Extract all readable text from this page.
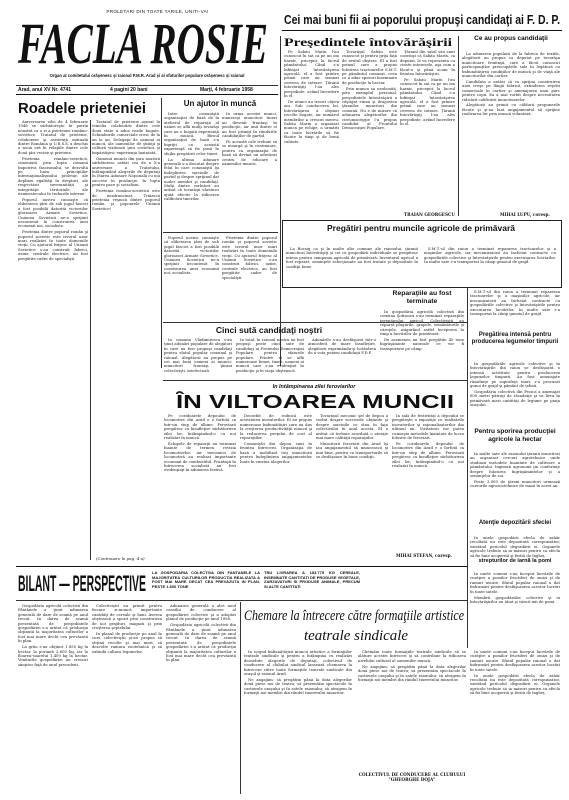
PROLETARI DIN TOATE TARILE, UNITI-VA!
FACLA ROSIE
Organ al comitetului orăşenesc şi raional P.M.R. Arad şi al sfaturilor populare orăşenesc şi raional
Arad, anul XV Nr. 4741	4 pagini 20 bani	Marţi, 4 februarie 1958
Cei mai buni fii ai poporului propuşi candidaţi ai F. D. P.
Roadele prieteniei

Aniversarea zilei de 4 februarie 1948 se sărbătoreşte în patria noastră ca o zi a prieteniei româno-sovietice. Tratatul de prietenie, colaborare şi asistenţă mutuală dintre România şi U.R.S.S. a deschis o nouă eră în relaţiile dintre cele două ţări vecine şi prietene.

Prietenia româno-sovietică, cimentată prin lupta comună împotriva fascismului, se dezvoltă pe baza principiilor internaţionalismului proletar, ale deplinei egalităţi în drepturi, ale respectării suveranităţii şi integrităţii teritoriale, ale neamestecului în treburile interne.

Poporul nostru cunoaşte că eliberarea ţării de sub jugul fascist a fost posibilă datorită victoriilor glorioasei Armate Sovietice. Uniunea Sovietică ne-a sprijinit necontenit în construirea unei economii noi, socialiste.

Prietenia dintre poporul român şi poporul sovietic este izvorul unor mari realizări în toate domeniile vieţii. Cu ajutorul frăţesc al Uniunii Sovietice s-au construit fabrici, uzine, centrale electrice, au fost pregătite cadre de specialişti.

Tratatul de prietenie aşezat la temelia colaborării dintre cele două state a adus roade bogate. Schimburile comerciale cresc de la an la an. Delegaţii de oameni ai muncii, ale oamenilor de ştiinţă şi cultură vizitează ţara sovietică şi împărtăşesc experienţa înaintată.

Oamenii muncii din ţara noastră sărbătoresc astăzi cea de a X-a aniversare a Tratatului, întâmpinând alegerile de deputaţi în Marea Adunare Naţională cu noi succese în producţie, în lupta pentru pace şi socialism.

Prietenia româno-sovietică este de nezdruncinat. Trăiască prietenia veşnică dintre poporul român şi popoarele Uniunii Sovietice!

(Continuare în pag. 4-a)
Un ajutor în muncă

Intre comuniştii organizaţiei de bază de la atelierul de reparaţii al uzinei se află mulţi tovarăşi care au o bogată experienţă în muncă. Biroul organizaţiei de bază s-a îngrijit ca această experienţă să fie pusă în slujba pregătirii celor tineri.

La ultima adunare generală s-a discutat despre felul în care comuniştii îşi îndeplinesc sarcinile de partid şi despre sprijinul dat noilor membri şi candidaţi. Mulţi dintre vorbitori au arătat că tovarăşii vârstnici ajută efectiv la ridicarea calificării tinerilor.

In urma acestei munci, numeroşi muncitori tineri au devenit fruntaşi în producţie, iar unii dintre ei au fost primiţi în rândurile candidaţilor de partid.

Pe această cale trebuie să se meargă şi în continuare, pentru ca organizaţia de bază să devină un adevărat centru de educare a oamenilor muncii.

Poporul nostru cunoaşte că eliberarea ţării de sub jugul fascist a fost posibilă datorită victoriilor glorioasei Armate Sovietice. Uniunea Sovietică ne-a sprijinit necontenit în construirea unei economii noi, socialiste.

Prietenia dintre poporul român şi poporul sovietic este izvorul unor mari realizări în toate domeniile vieţii. Cu ajutorul frăţesc al Uniunii Sovietice s-au construit fabrici, uzine, centrale electrice, au fost pregătite cadre de specialişti.

Preşedintele întovărăşirii

Pe Sabău Marin l-au cunoscut în sat ca pe un om harnic, priceput la lucrul pământului. Când s-a înfiinţat întovărăşirea agricolă, el a fost printre primii care au semnat cererea de intrare. Ţăranii întovărăşiţi l-au ales preşedinte, având încredere în el.

De atunci au trecut câţiva ani. Sub conducerea lui, întovărăşirea a obţinut recolte bogate, iar numărul membrilor a crescut mereu. Sabău Marin a organizat munca pe echipe, a urmărit ca toate lucrările să fie făcute la timp şi de bună calitate.

Tovarăşul Sabău este cunoscut şi pentru grija faţă de avutul obştesc. El a fost primul care a propus folosirea tractoarelor S.M.T. pe pământul comasat, ceea ce a adus sporuri însemnate de producţie la hectar.

Prin munca sa neobosită, prin exemplul personal, preşedintele întovărăşirii a câştigat stima şi dragostea ţăranilor muncitori din comună. Nu e de mirare că adunarea alegătorilor din circumscripţie l-a propus candidat al Frontului Democraţiei Populare.

Ţăranii din satul său sunt convinşi că Sabău Marin, ca deputat, le va reprezenta cu cinste interesele, aşa cum a făcut-o şi până acum în fruntea întovărăşirii.

Pe Sabău Marin l-au cunoscut în sat ca pe un om harnic, priceput la lucrul pământului. Când s-a înfiinţat întovărăşirea agricolă, el a fost printre primii care au semnat cererea de intrare. Ţăranii întovărăşiţi l-au ales preşedinte, având încredere în el.

TRAIAN GEORGESCU
Ce au propus candidaţii

La adunarea populară de la fabrica de textile, alegătorii au propus ca deputat pe tovarăşa muncitoare fruntaşă, care a făcut cunoscut participanţilor preocupările sale în legătură cu îmbunătăţirea condiţiilor de muncă şi de viaţă ale muncitorilor din cartier.

Candidata a arătat că va sprijini construirea unei creşe pe lângă fabrică, extinderea reţelei comerciale în cartier şi amenajarea unui parc pentru copii. Ea a mai vorbit despre necesitatea ridicării calificării muncitoarelor.

Alegătorii au primit cu căldură propunerile făcute şi şi-au luat angajamentul să sprijine realizarea lor prin muncă voluntară.

MIHAI LUPU, coresp.
Pregătiri pentru muncile agricole de primăvară

La Bocsig ca şi în multe alte comune ale raionului, ţăranii muncitori întovărăşiţi şi cei cu gospodării individuale se pregătesc intens pentru campania agricolă de primăvară. Inventarul agricol a fost reparat, seminţele selecţionate au fost tratate şi depozitate în condiţii bune.

S.M.T.-ul din raion a terminat repararea tractoarelor şi a maşinilor agricole, iar mecanizatorii au încheiat contracte cu gospodăriile colective şi întovărăşirile pentru executarea lucrărilor. In multe sate s-a transportat la câmp gunoiul de grajd.

Reparaţiile au fost terminate

In gospodăria agricolă colectivă din comuna Şofronea s-au terminat reparaţiile inventarului agricol. Colectiviştii au reparat plugurile, grapele, semănătorile şi căruţele, asigurând astfel începerea la timp a lucrărilor de primăvară.

De asemenea au fost pregătite 45 tone îngrăşăminte naturale ce vor fi transportate pe câmp.

S.M.T.-ul din raion a terminat repararea tractoarelor şi a maşinilor agricole, iar mecanizatorii au încheiat contracte cu gospodăriile colective şi întovărăşirile pentru executarea lucrărilor. In multe sate s-a transportat la câmp gunoiul de grajd.

Pregătirea intensă pentru producerea legumelor timpurii

In gospodăriile agricole colective şi în întovărăşirile din raion se desfăşoară o intensă activitate pentru producerea legumelor timpurii. Au fost amenajate răsadniţe pe suprafeţe mari, s-a procurat gunoi de grajd şi pământ de ţelină.

Gospodăria colectivă din Pecica a amenajat 600 metri pătraţi de răsadniţe şi va livra în primăvară mari cantităţi de legume pe piaţa oraşului.

Pentru sporirea producţiei agricole la hectar

In multe sate ale raionului ţăranii muncitori au organizat cercuri agrotehnice unde studiază metodele înaintate de cultivare a pământului. Inginerii agronomi ţin conferinţe despre folosirea îngrăşămintelor şi a seminţelor de soi.

Peste 3.000 de ţărani muncitori urmează cursurile agrozootehnice de masă în acest an.

Atenţie depozitării sfeclei

In unele gospodării sfecla de zahăr recoltată nu este depozitată corespunzător, existând pericolul degradării ei. Organele agricole trebuie să ia măsuri pentru ca sfecla să fie bine acoperită şi ferită de îngheţ.

strepturilor de iarnă la pomi

In unele comuni s-au început lucrările de curăţire a pomilor fructiferi de omizi şi de ramuri uscate. Sfatul popular raional a dat îndrumări pentru desfăşurarea acestor lucrări în toate satele.

Membrii gospodăriilor colective şi ai întovărăşirilor au tăiat şi văruit mii de pomi.

Cinci sută candidaţi noştri

In comuna Vladimirescu s-au ţinut adunări populare de alegători în care au fost propuşi candidaţi pentru sfatul popular comunal şi raional. Alegătorii au propus pe cei mai buni oameni ai muncii: muncitori fruntaşi, ţărani colectivişti, intelectuali.

In total, în raionul nostru au fost propuşi peste cinci sute de candidaţi ai Frontului Democraţiei Populare pentru sfaturile populare. Printre ei se află numeroase femei, tineri, oameni ai muncii care s-au evidenţiat în producţie şi în viaţa obştească.

Adunările s-au desfăşurat într-o atmosferă de mare însufleţire, alegătorii exprimându-şi hotărârea de a vota pentru candidaţii F.D.P.

In întâmpinarea zilei feroviarilor
ÎN VILTOAREA MUNCII

Pe coridoarele depoului de locomotive din Arad e o forfotă ca într-un stup de albine. Feroviarii pregătesc cu însufleţire sărbătorirea zilei lor, întâmpinând-o cu noi realizări în muncă.

Echipele de reparaţii au terminat înainte de termen revizia locomotivelor, iar mecanicii de locomotivă au realizat importante economii de combustibil. Fruntaşii în întrecerea socialistă au fost evidenţiaţi în adunarea festivă.

Deosebit de rodnică este activitatea inovatorilor. Ei au propus numeroase îmbunătăţiri care au dus la creşterea productivităţii muncii şi la reducerea preţului de cost al reparaţiilor.

Comuniştii din depou sunt în fruntea întrecerii. Organizaţia de bază a mobilizat toţi muncitorii pentru îndeplinirea angajamentelor luate în cinstea alegerilor.

Tovarăşul mecanic şef de depou a vorbit despre succesele obţinute şi despre sarcinile ce stau în faţa colectivului în anul acesta. El a arătat că trebuie acordată o atenţie mai mare calităţii reparaţiilor.

Muncitorii feroviari din Arad îşi iau angajamentul să muncească şi mai bine, pentru ca transporturile să se desfăşoare în bune condiţii.

In sala de festivităţi a depoului se pregăteşte o expoziţie cu realizările inovatorilor şi raţionalizatorilor din ultimul an. Vizitatorii vor putea cunoaşte metodele înaintate de lucru folosite de feroviari.

Pe coridoarele depoului de locomotive din Arad e o forfotă ca într-un stup de albine. Feroviarii pregătesc cu însufleţire sărbătorirea zilei lor, întâmpinând-o cu noi realizări în muncă.

MIHAI STEFAN, coresp.
BILANT — PERSPECTIVE LA GOSPODARIA COLECTIVA DIN FANTANELE LA MAJORITATEA CULTURILOR PRODUCTIA REALIZATA A FOST MAI MARE DECAT CEA PREVAZUTA IN PLAN. PESTE 1.600 TONE
TRU LIVRAREA A 153.775 KG CEREALE, INSEMNATE CANTITATI DE PRODUSE VEGETALE, ZARZAVATURI SI PRODUSE ANIMALE, PRECUM SI ALTE CANTITATI

Gospodăria agricolă colectivă din Fântânele a ţinut adunarea generală de dare de seamă pe anul trecut. In darea de seamă prezentată de preşedintele gospodăriei s-a arătat că producţia obţinută la majoritatea culturilor a fost mai mare decât cea prevăzută în plan.

La grâu s-au obţinut 1.850 kg la hectar, la porumb 2.600 kg, iar la floarea-soarelui 1.400 kg la hectar. Veniturile gospodăriei au crescut simţitor faţă de anul precedent.

Colectiviştii au primit pentru fiecare zi-muncă importante cantităţi de cereale şi bani. Averea obştească a sporit prin construirea de noi grajduri, magazii şi prin creşterea şeptelului.

In planul de producţie pe anul în curs colectiviştii şi-au propus să obţină recolte şi mai mari, să dezvolte ramura zootehnică şi să extindă cultura legumelor.

Adunarea generală a ales noul consiliu de conducere al gospodăriei colective şi a adoptat planul de producţie pe anul 1958.

Gospodăria agricolă colectivă din Fântânele a ţinut adunarea generală de dare de seamă pe anul trecut. In darea de seamă prezentată de preşedintele gospodăriei s-a arătat că producţia obţinută la majoritatea culturilor a fost mai mare decât cea prevăzută în plan.

Chemare la întrecere către formaţiile artistice
teatrale sindicale

In scopul îmbunătăţirii muncii artistice a formaţiilor teatrale sindicale şi pentru a întâmpina cu realizări deosebite alegerile de deputaţi, colectivul de conducere al clubului sindical lansează chemarea la întrecere către toate formaţiile teatrale sindicale din oraşul şi raionul Arad.

Ne angajăm: să pregătim până la data alegerilor două piese noi de teatru; să prezentăm spectacole în cartierele oraşului şi în satele raionului; să atragem în formaţii noi membri din rândul tineretului muncitor.

Chemăm toate formaţiile teatrale sindicale să se alăture acestei întreceri şi să contribuie la ridicarea nivelului cultural al oamenilor muncii.

Ne angajăm: să pregătim până la data alegerilor două piese noi de teatru; să prezentăm spectacole în cartierele oraşului şi în satele raionului; să atragem în formaţii noi membri din rândul tineretului muncitor.

COLECTIVUL DE CONDUCERE AL CLUBULUI "GHEORGHE DOJA"

In unele comuni s-au început lucrările de curăţire a pomilor fructiferi de omizi şi de ramuri uscate. Sfatul popular raional a dat îndrumări pentru desfăşurarea acestor lucrări în toate satele.

In unele gospodării sfecla de zahăr recoltată nu este depozitată corespunzător, existând pericolul degradării ei. Organele agricole trebuie să ia măsuri pentru ca sfecla să fie bine acoperită şi ferită de îngheţ.
